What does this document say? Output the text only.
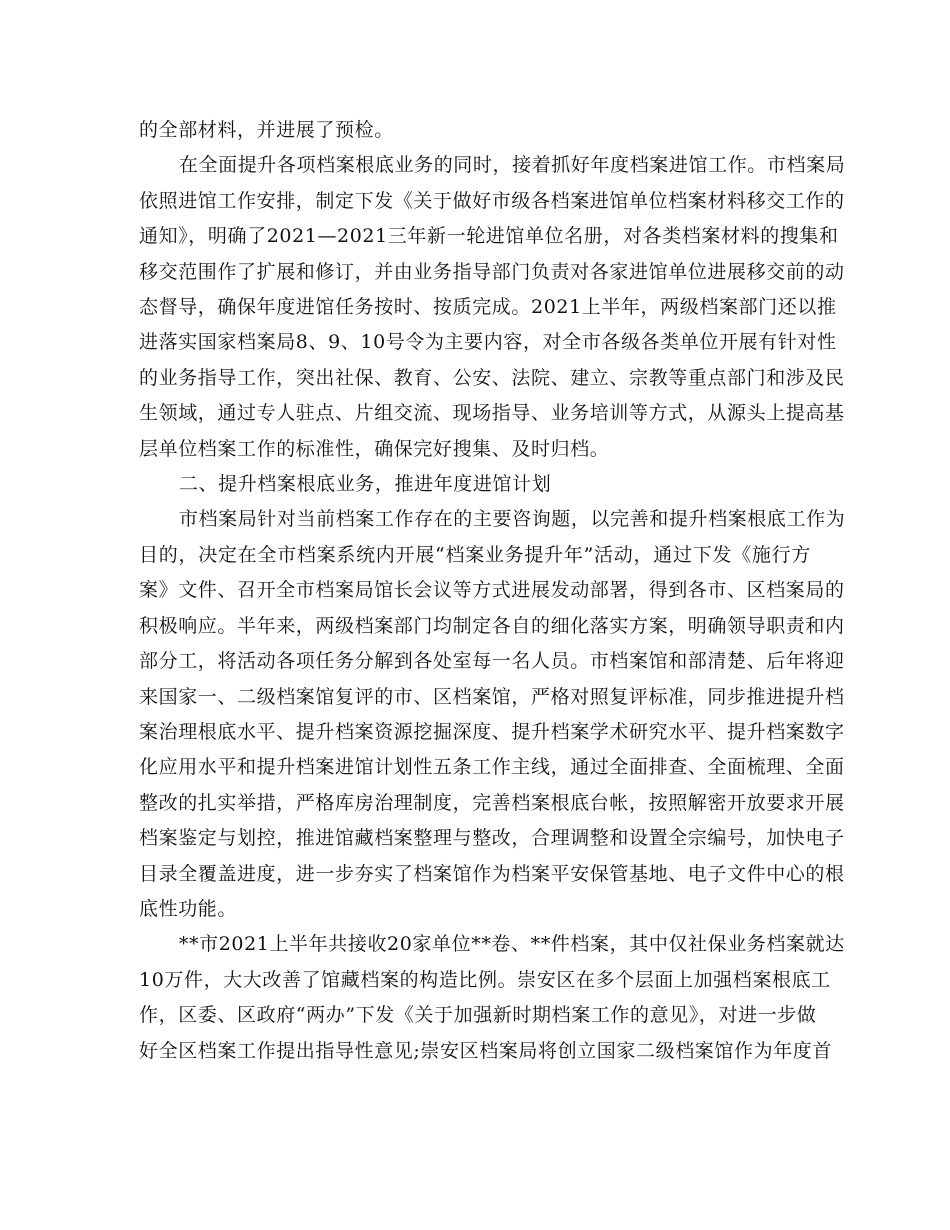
的全部材料，并进展了预检。
在全面提升各项档案根底业务的同时，接着抓好年度档案进馆工作。市档案局
依照进馆工作安排，制定下发《关于做好市级各档案进馆单位档案材料移交工作的
通知》，明确了2021—2021三年新一轮进馆单位名册，对各类档案材料的搜集和
移交范围作了扩展和修订，并由业务指导部门负责对各家进馆单位进展移交前的动
态督导，确保年度进馆任务按时、按质完成。2021上半年，两级档案部门还以推
进落实国家档案局8、9、10号令为主要内容，对全市各级各类单位开展有针对性
的业务指导工作，突出社保、教育、公安、法院、建立、宗教等重点部门和涉及民
生领域，通过专人驻点、片组交流、现场指导、业务培训等方式，从源头上提高基
层单位档案工作的标准性，确保完好搜集、及时归档。
二、提升档案根底业务，推进年度进馆计划
市档案局针对当前档案工作存在的主要咨询题，以完善和提升档案根底工作为
目的，决定在全市档案系统内开展“档案业务提升年”活动，通过下发《施行方
案》文件、召开全市档案局馆长会议等方式进展发动部署，得到各市、区档案局的
积极响应。半年来，两级档案部门均制定各自的细化落实方案，明确领导职责和内
部分工，将活动各项任务分解到各处室每一名人员。市档案馆和部清楚、后年将迎
来国家一、二级档案馆复评的市、区档案馆，严格对照复评标准，同步推进提升档
案治理根底水平、提升档案资源挖掘深度、提升档案学术研究水平、提升档案数字
化应用水平和提升档案进馆计划性五条工作主线，通过全面排查、全面梳理、全面
整改的扎实举措，严格库房治理制度，完善档案根底台帐，按照解密开放要求开展
档案鉴定与划控，推进馆藏档案整理与整改，合理调整和设置全宗编号，加快电子
目录全覆盖进度，进一步夯实了档案馆作为档案平安保管基地、电子文件中心的根
底性功能。
**市2021上半年共接收20家单位**卷、**件档案，其中仅社保业务档案就达
10万件，大大改善了馆藏档案的构造比例。崇安区在多个层面上加强档案根底工
作，区委、区政府“两办”下发《关于加强新时期档案工作的意见》，对进一步做
好全区档案工作提出指导性意见;崇安区档案局将创立国家二级档案馆作为年度首
